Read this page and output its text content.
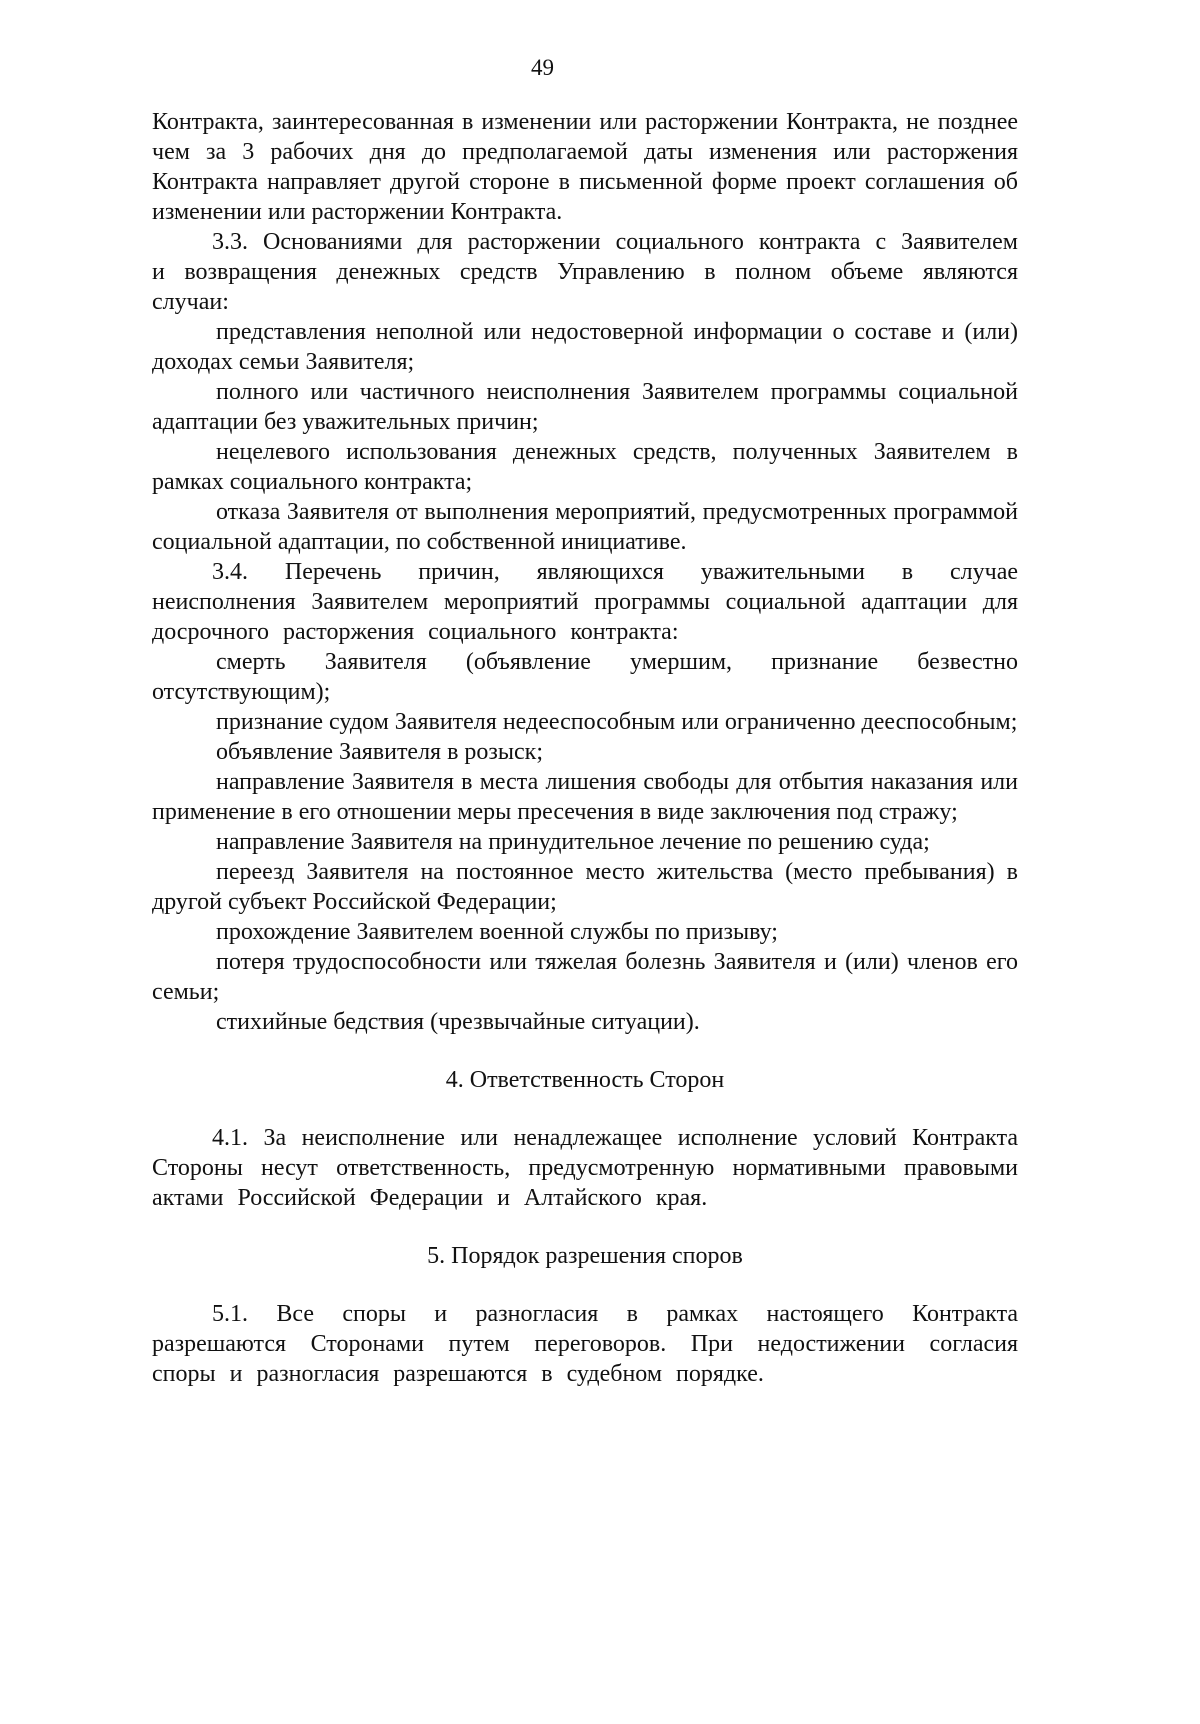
49

Контракта, заинтересованная в изменении или расторжении Контракта, не позднее чем за 3 рабочих дня до предполагаемой даты изменения или расторжения Контракта направляет другой стороне в письменной форме проект соглашения об изменении или расторжении Контракта.

3.3. Основаниями для расторжении социального контракта с Заявителем и возвращения денежных средств Управлению в полном объеме являются случаи:

представления неполной или недостоверной информации о составе и (или) доходах семьи Заявителя;

полного или частичного неисполнения Заявителем программы социальной адаптации без уважительных причин;

нецелевого использования денежных средств, полученных Заявителем в рамках социального контракта;

отказа Заявителя от выполнения мероприятий, предусмотренных программой социальной адаптации, по собственной инициативе.

3.4. Перечень причин, являющихся уважительными в случае неисполнения Заявителем мероприятий программы социальной адаптации для досрочного расторжения социального контракта:

смерть Заявителя (объявление умершим, признание безвестно отсутствующим);

признание судом Заявителя недееспособным или ограниченно дееспособным;

объявление Заявителя в розыск;

направление Заявителя в места лишения свободы для отбытия наказания или применение в его отношении меры пресечения в виде заключения под стражу;

направление Заявителя на принудительное лечение по решению суда;

переезд Заявителя на постоянное место жительства (место пребывания) в другой субъект Российской Федерации;

прохождение Заявителем военной службы по призыву;

потеря трудоспособности или тяжелая болезнь Заявителя и (или) членов его семьи;

стихийные бедствия (чрезвычайные ситуации).

4. Ответственность Сторон

4.1. За неисполнение или ненадлежащее исполнение условий Контракта Стороны несут ответственность, предусмотренную нормативными правовыми актами Российской Федерации и Алтайского края.

5. Порядок разрешения споров

5.1. Все споры и разногласия в рамках настоящего Контракта разрешаются Сторонами путем переговоров. При недостижении согласия споры и разногласия разрешаются в судебном порядке.
